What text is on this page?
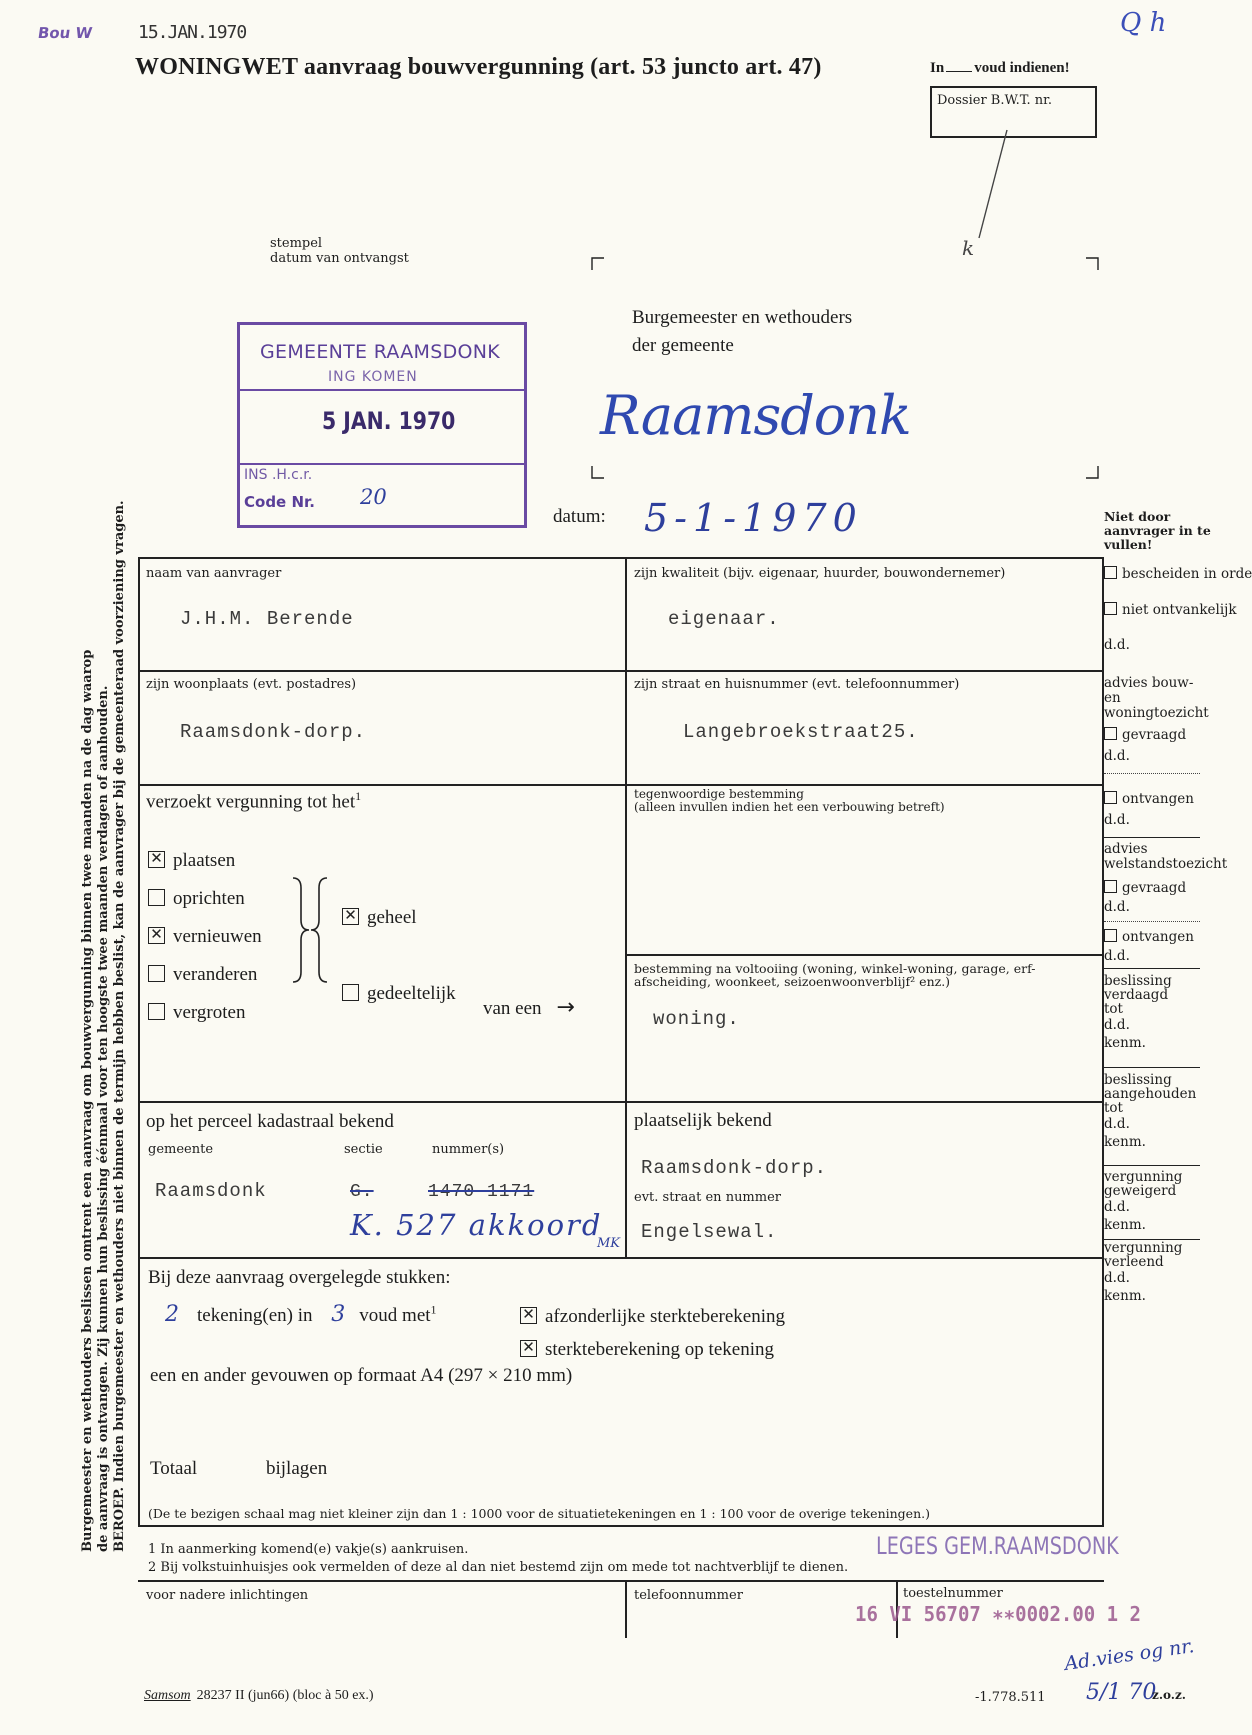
Bou W 15.JAN.1970	Q h
WONINGWET aanvraag bouwvergunning (art. 53 juncto art. 47)	In voud indienen!
Dossier B.W.T. nr.
k
stempel
datum van ontvangst
GEMEENTE RAAMSDONK
ING KOMEN
5 JAN. 1970
INS .H.c.r.
Code Nr. 20
Burgemeester en wethouders
der gemeente
Raamsdonk
datum: 5-1-1970	Niet door aanvrager in te vullen!
naam van aanvrager
J.H.M. Berende
zijn kwaliteit (bijv. eigenaar, huurder, bouwondernemer)
eigenaar.
zijn woonplaats (evt. postadres)
Raamsdonk-dorp.
zijn straat en huisnummer (evt. telefoonnummer)
Langebroekstraat25.
verzoekt vergunning tot het$^1$
✕plaatsen
oprichten
✕vernieuwen
veranderen
vergroten
✕geheel
gedeeltelijk
van een →
tegenwoordige bestemming
(alleen invullen indien het een verbouwing betreft)
bestemming na voltooiing (woning, winkel-woning, garage, erf-
afscheiding, woonkeet, seizoenwoonverblijf² enz.)
woning.
op het perceel kadastraal bekend
gemeente	sectie	nummer(s)
Raamsdonk	G.	1470-1171
K. 527 akkoord
MK
plaatselijk bekend
Raamsdonk-dorp.
evt. straat en nummer
Engelsewal.
Bij deze aanvraag overgelegde stukken:
2 tekening(en) in 3 voud met$^1$
✕	afzonderlijke sterkteberekening
✕sterkteberekening op tekening
een en ander gevouwen op formaat A4 (297 × 210 mm)
Totaal	bijlagen
(De te bezigen schaal mag niet kleiner zijn dan 1 : 1000 voor de situatietekeningen en 1 : 100 voor de overige tekeningen.)
bescheiden in orde
niet ontvankelijk
d.d.
advies bouw- en woningtoezicht
gevraagd
d.d.
ontvangen
d.d.
advies welstandstoezicht
gevraagd
d.d.
ontvangen
d.d.
beslissing verdaagd tot
d.d.
kenm.
beslissing aangehouden tot
d.d.
kenm.
vergunning geweigerd
d.d.
kenm.
vergunning verleend
d.d.
kenm.
Burgemeester en wethouders beslissen omtrent een aanvraag om bouwvergunning binnen twee maanden na de dag waarop de aanvraag is ontvangen. Zij kunnen hun beslissing éénmaal voor ten hoogste twee maanden verdagen of aanhouden. BEROEP. Indien burgemeester en wethouders niet binnen de termijn hebben beslist, kan de aanvrager bij de gemeenteraad voorziening vragen. 1 In aanmerking komend(e) vakje(s) aankruisen.
2 Bij volkstuinhuisjes ook vermelden of deze al dan niet bestemd zijn om mede tot nachtverblijf te dienen.
LEGES GEM.RAAMSDONK
voor nadere inlichtingen	telefoonnummer	toestelnummer
16 VI 56707 ∗∗0002.00 1 2
Samsom 28237 II (jun66) (bloc à 50 ex.)	-1.778.511
Ad.vies og nr.
5/1 70
z.o.z.
